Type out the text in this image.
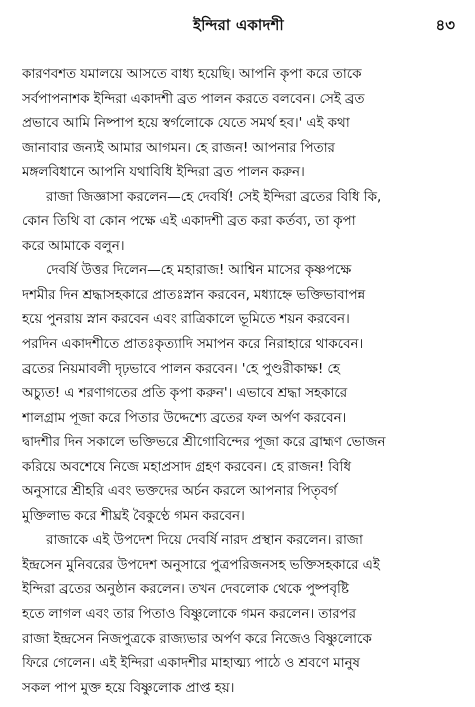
ইন্দিরা একাদশী	৪৩
কারণবশত যমালয়ে আসতে বাধ্য হয়েছি। আপনি কৃপা করে তাকে
সর্বপাপনাশক ইন্দিরা একাদশী ব্রত পালন করতে বলবেন। সেই ব্রত
প্রভাবে আমি নিষ্পাপ হয়ে স্বর্গলোকে যেতে সমর্থ হব।' এই কথা
জানাবার জন্যই আমার আগমন। হে রাজন! আপনার পিতার
মঙ্গলবিধানে আপনি যথাবিধি ইন্দিরা ব্রত পালন করুন।
রাজা জিজ্ঞাসা করলেন—হে দেবর্ষি! সেই ইন্দিরা ব্রতের বিধি কি,
কোন তিথি বা কোন পক্ষে এই একাদশী ব্রত করা কর্তব্য, তা কৃপা
করে আমাকে বলুন।
দেবর্ষি উত্তর দিলেন—হে মহারাজ! আশ্বিন মাসের কৃষ্ণপক্ষে
দশমীর দিন শ্রদ্ধাসহকারে প্রাতঃস্নান করবেন, মধ্যাহ্নে ভক্তিভাবাপন্ন
হয়ে পুনরায় স্নান করবেন এবং রাত্রিকালে ভূমিতে শয়ন করবেন।
পরদিন একাদশীতে প্রাতঃকৃত্যাদি সমাপন করে নিরাহারে থাকবেন।
ব্রতের নিয়মাবলী দৃঢ়ভাবে পালন করবেন। 'হে পুণ্ডরীকাক্ষ! হে
অচ্যুত! এ শরণাগতের প্রতি কৃপা করুন'। এভাবে শ্রদ্ধা সহকারে
শালগ্রাম পূজা করে পিতার উদ্দেশ্যে ব্রতের ফল অর্পণ করবেন।
দ্বাদশীর দিন সকালে ভক্তিভরে শ্রীগোবিন্দের পূজা করে ব্রাহ্মণ ভোজন
করিয়ে অবশেষে নিজে মহাপ্রসাদ গ্রহণ করবেন। হে রাজন! বিধি
অনুসারে শ্রীহরি এবং ভক্তদের অর্চন করলে আপনার পিতৃবর্গ
মুক্তিলাভ করে শীঘ্রই বৈকুণ্ঠে গমন করবেন।
রাজাকে এই উপদেশ দিয়ে দেবর্ষি নারদ প্রস্থান করলেন। রাজা
ইন্দ্রসেন মুনিবরের উপদেশ অনুসারে পুত্রপরিজনসহ ভক্তিসহকারে এই
ইন্দিরা ব্রতের অনুষ্ঠান করলেন। তখন দেবলোক থেকে পুষ্পবৃষ্টি
হতে লাগল এবং তার পিতাও বিষ্ণুলোকে গমন করলেন। তারপর
রাজা ইন্দ্রসেন নিজপুত্রকে রাজ্যভার অর্পণ করে নিজেও বিষ্ণুলোকে
ফিরে গেলেন। এই ইন্দিরা একাদশীর মাহাত্ম্য পাঠে ও শ্রবণে মানুষ
সকল পাপ মুক্ত হয়ে বিষ্ণুলোক প্রাপ্ত হয়।
